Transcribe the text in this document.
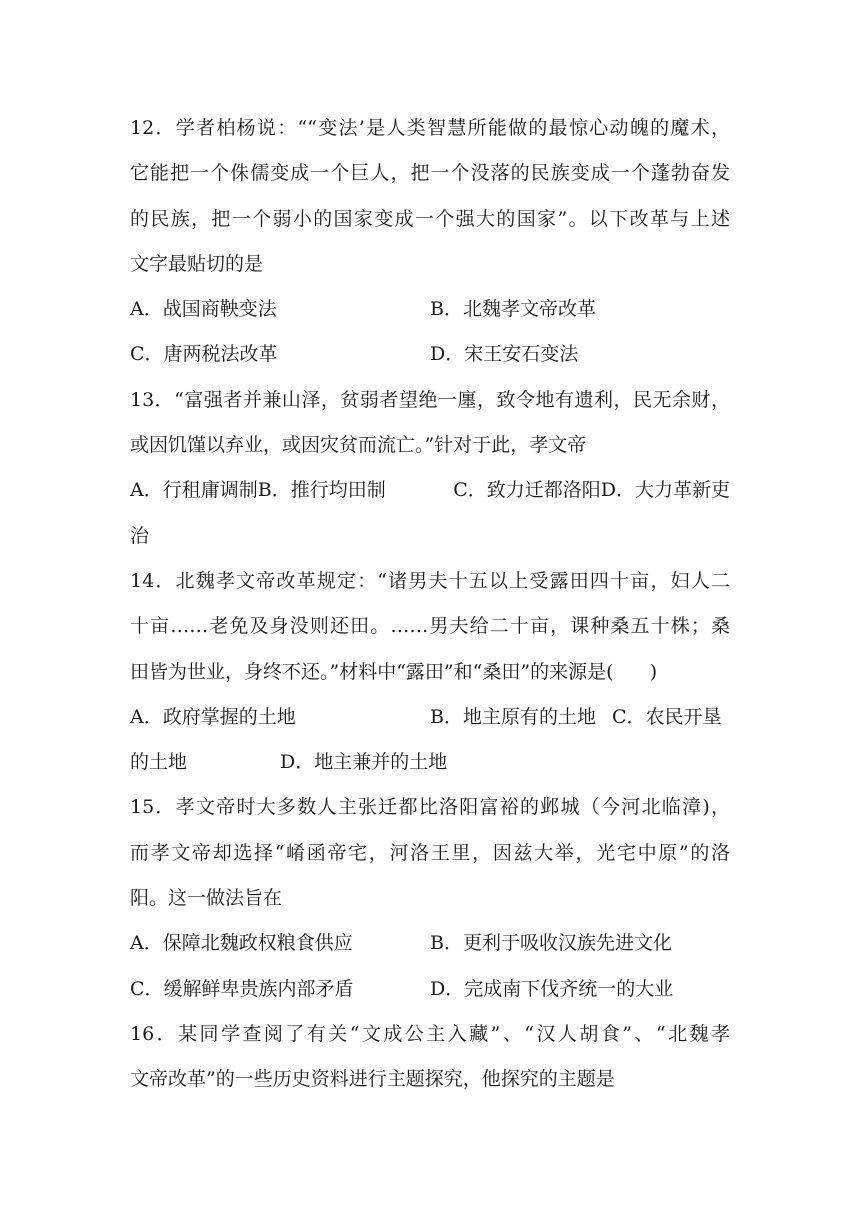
12．学者柏杨说：““变法’是人类智慧所能做的最惊心动魄的魔术，
它能把一个侏儒变成一个巨人，把一个没落的民族变成一个蓬勃奋发
的民族，把一个弱小的国家变成一个强大的国家”。以下改革与上述
文字最贴切的是
A．战国商鞅变法	B．北魏孝文帝改革
C．唐两税法改革	D．宋王安石变法
13．“富强者并兼山泽，贫弱者望绝一廛，致令地有遗利，民无余财，
或因饥馑以弃业，或因灾贫而流亡。”针对于此，孝文帝
A．行租庸调制 B．推行均田制	C．致力迁都洛阳D．大力革新吏
治
14．北魏孝文帝改革规定：“诸男夫十五以上受露田四十亩，妇人二
十亩……老免及身没则还田。……男夫给二十亩，课种桑五十株；桑
田皆为世业，身终不还。”材料中“露田”和“桑田”的来源是(      )
A．政府掌握的土地	B．地主原有的土地 C．农民开垦
的土地	D．地主兼并的土地
15．孝文帝时大多数人主张迁都比洛阳富裕的邺城（今河北临漳)，
而孝文帝却选择“崤函帝宅，河洛王里，因兹大举，光宅中原”的洛
阳。这一做法旨在
A．保障北魏政权粮食供应	B．更利于吸收汉族先进文化
C．缓解鲜卑贵族内部矛盾	D．完成南下伐齐统一的大业
16．某同学查阅了有关“文成公主入藏”、“汉人胡食”、“北魏孝
文帝改革”的一些历史资料进行主题探究，他探究的主题是
